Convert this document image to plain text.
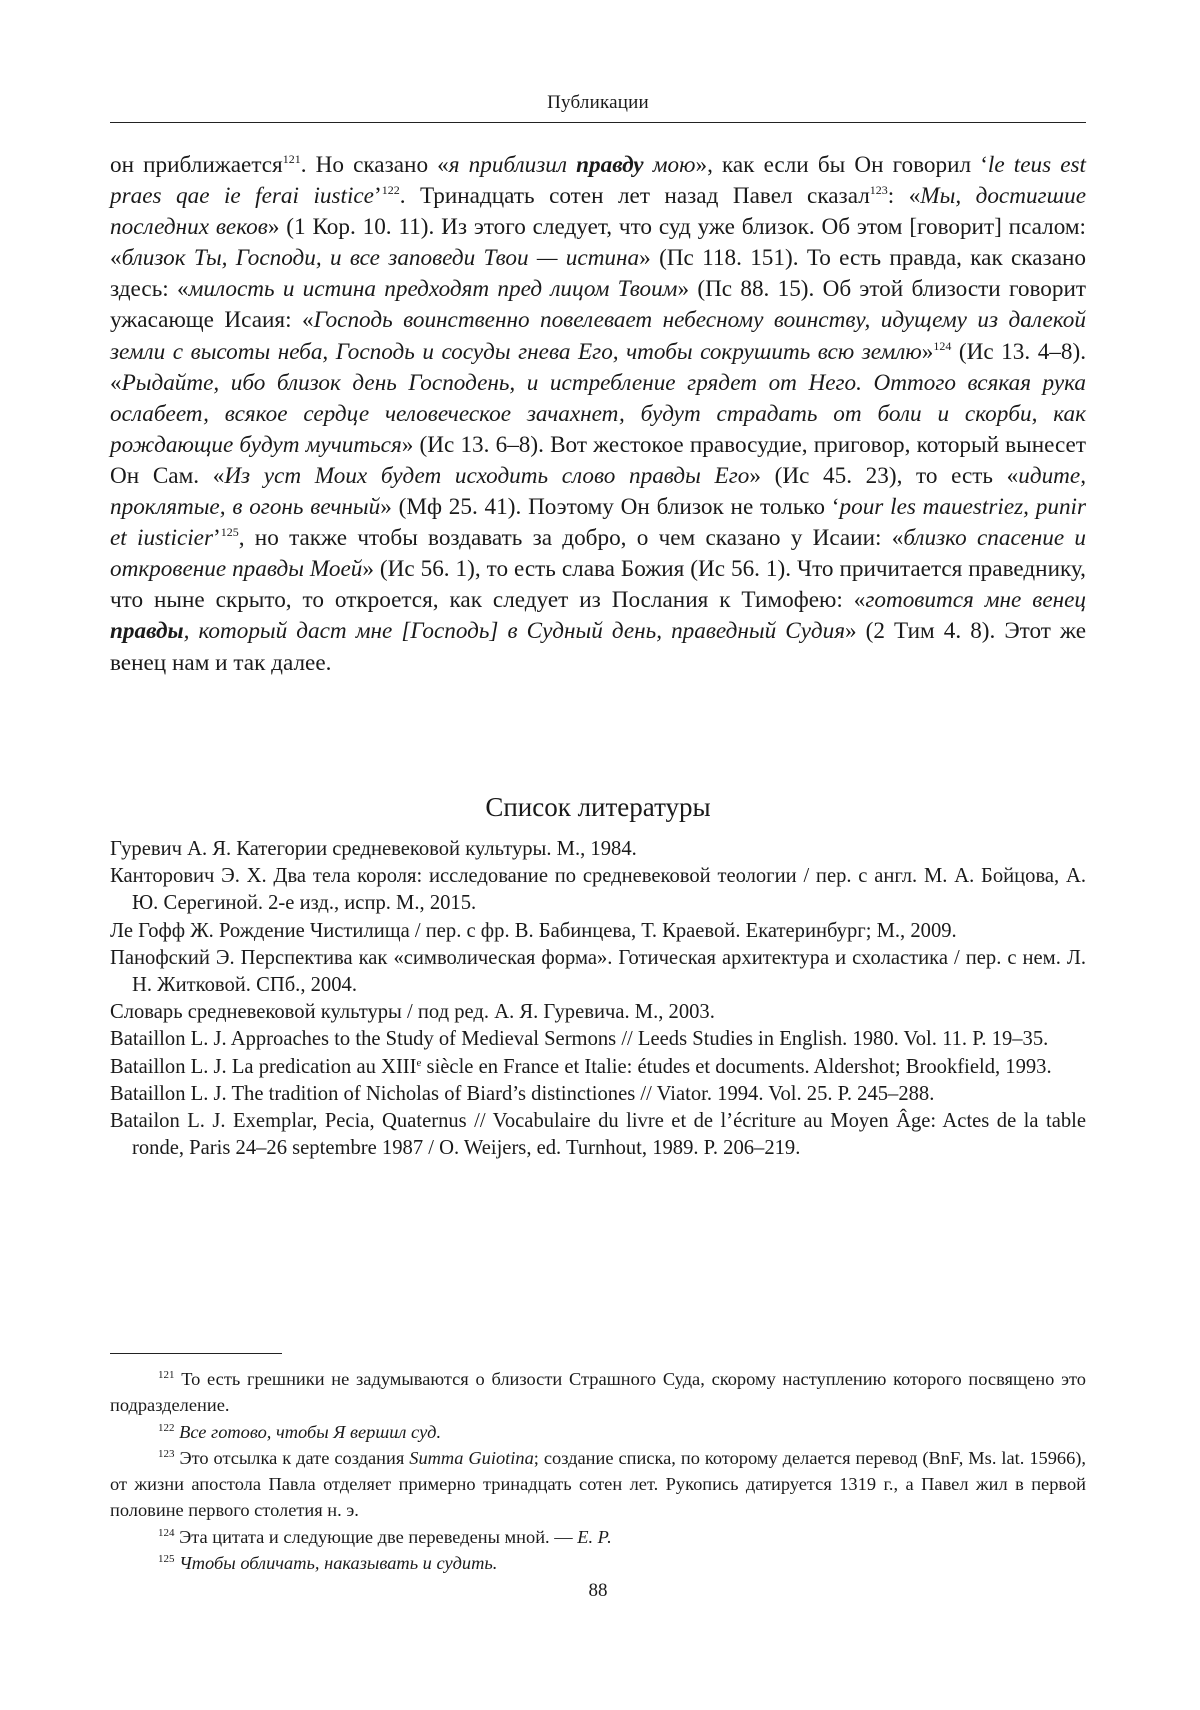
Публикации

он приближается$^{121}$. Но сказано «я приблизил правду мою», как если бы Он говорил ‘le teus est praes qae ie ferai iustice’$^{122}$. Тринадцать сотен лет назад Павел сказал$^{123}$: «Мы, достигшие последних веков» (1 Кор. 10. 11). Из этого следует, что суд уже близок. Об этом [говорит] псалом: «близок Ты, Господи, и все заповеди Твои — истина» (Пс 118. 151). То есть правда, как сказано здесь: «милость и истина предходят пред лицом Твоим» (Пс 88. 15). Об этой близости говорит ужасающе Исаия: «Господь воинственно повелевает небесному воинству, идущему из далекой земли с высоты неба, Господь и сосуды гнева Его, чтобы сокрушить всю землю»$^{124}$ (Ис 13. 4–8). «Рыдайте, ибо близок день Господень, и истребление грядет от Него. Оттого всякая рука ослабеет, всякое сердце человеческое зачахнет, будут страдать от боли и скорби, как рождающие будут мучиться» (Ис 13. 6–8). Вот жестокое правосудие, приговор, который вынесет Он Сам. «Из уст Моих будет исходить слово правды Его» (Ис 45. 23), то есть «идите, проклятые, в огонь вечный» (Мф 25. 41). Поэтому Он близок не только ‘pour les mauestriez, punir et iusticier’$^{125}$, но также чтобы воздавать за добро, о чем сказано у Исаии: «близко спасение и откровение правды Моей» (Ис 56. 1), то есть слава Божия (Ис 56. 1). Что причитается праведнику, что ныне скрыто, то откроется, как следует из Послания к Тимофею: «готовится мне венец правды, который даст мне [Господь] в Судный день, праведный Судия» (2 Тим 4. 8). Этот же венец нам и так далее.

Список литературы
Гуревич А. Я. Категории средневековой культуры. М., 1984.
Канторович Э. Х. Два тела короля: исследование по средневековой теологии / пер. с англ. М. А. Бойцова, А. Ю. Серегиной. 2-е изд., испр. М., 2015.
Ле Гофф Ж. Рождение Чистилища / пер. с фр. В. Бабинцева, Т. Краевой. Екатеринбург; М., 2009.
Панофский Э. Перспектива как «символическая форма». Готическая архитектура и схоластика / пер. с нем. Л. Н. Житковой. СПб., 2004.
Словарь средневековой культуры / под ред. А. Я. Гуревича. М., 2003.
Bataillon L. J. Approaches to the Study of Medieval Sermons // Leeds Studies in English. 1980. Vol. 11. P. 19–35.
Bataillon L. J. La predication au XIIIe siècle en France et Italie: études et documents. Aldershot; Brookfield, 1993.
Bataillon L. J. The tradition of Nicholas of Biard’s distinctiones // Viator. 1994. Vol. 25. P. 245–288.
Batailon L. J. Exemplar, Pecia, Quaternus // Vocabulaire du livre et de l’écriture au Moyen Âge: Actes de la table ronde, Paris 24–26 septembre 1987 / O. Weijers, ed. Turnhout, 1989. P. 206–219.
$^{121}$ То есть грешники не задумываются о близости Страшного Суда, скорому наступлению которого посвящено это подразделение.
$^{122}$ Все готово, чтобы Я вершил суд.
$^{123}$ Это отсылка к дате создания Summa Guiotina; создание списка, по которому делается перевод (BnF, Ms. lat. 15966), от жизни апостола Павла отделяет примерно тринадцать сотен лет. Рукопись датируется 1319 г., а Павел жил в первой половине первого столетия н. э.
$^{124}$ Эта цитата и следующие две переведены мной. — Е. Р.
$^{125}$ Чтобы обличать, наказывать и судить.
88
